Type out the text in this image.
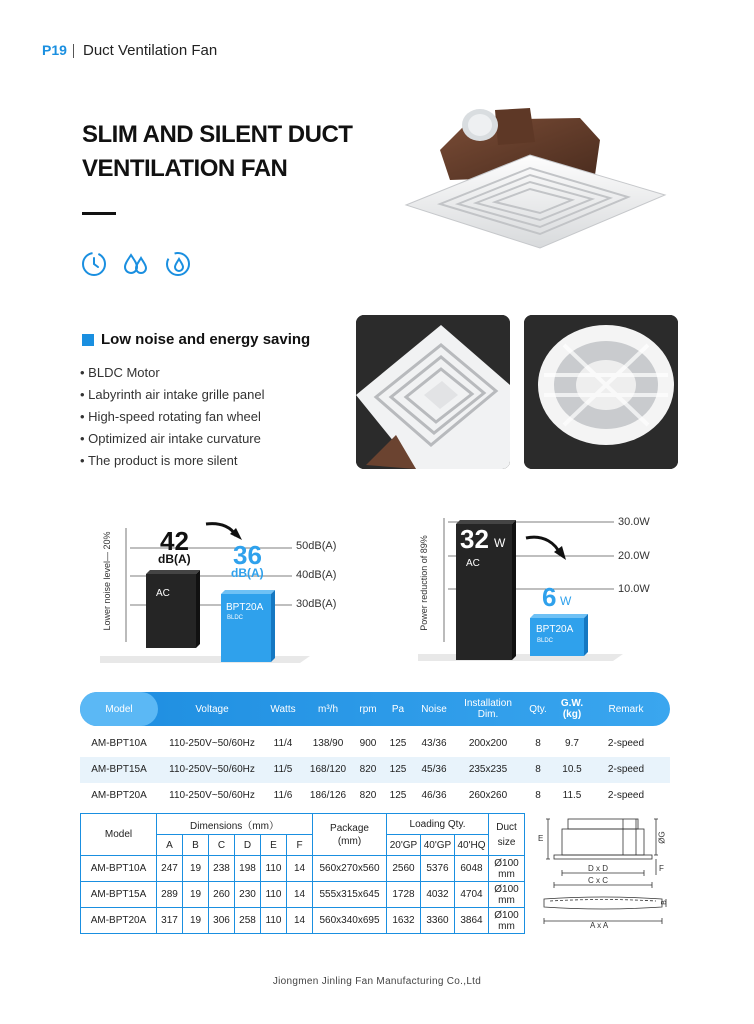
P19 Duct Ventilation Fan
SLIM AND SILENT DUCT VENTILATION FAN
Low noise and energy saving
• BLDC Motor
• Labyrinth air intake grille panel
• High-speed rotating fan wheel
• Optimized air intake curvature
• The product is more silent
Lower noise level— 20%	50dB(A)
40dB(A)
30dB(A)
42
dB(A)
AC
36
dB(A)
BPT20A
BLDC	Power reduction of 89%
30.0W
20.0W
10.0W
32 W
AC
6 W
BPT20A
BLDC
Model	Voltage	Watts	m³/h	rpm	Pa	Noise	Installation
Dim.	Qty.	G.W.
(kg)	Remark
AM-BPT10A	110-250V~50/60Hz	11/4	138/90	900	125	43/36	200x200	8	9.7	2-speed
AM-BPT15A	110-250V~50/60Hz	11/5	168/120	820	125	45/36	235x235	8	10.5	2-speed
AM-BPT20A	110-250V~50/60Hz	11/6	186/126	820	125	46/36	260x260	8	11.5	2-speed
Model	Dimensions（mm）						Package
(mm)	Loading Qty.			Duct
size
	A	B	C	D	E	F		20'GP	40'GP	40'HQ	
AM-BPT10A	247	19	238	198	110	14	560x270x560	2560	5376	6048	Ø100
mm
AM-BPT15A	289	19	260	230	110	14	555x315x645	1728	4032	4704	Ø100
mm
AM-BPT20A	317	19	306	258	110	14	560x340x695	1632	3360	3864	Ø100
mm
E	ØG
F
D x D
C x C
B
A x A
Jiongmen Jinling Fan Manufacturing Co.,Ltd
